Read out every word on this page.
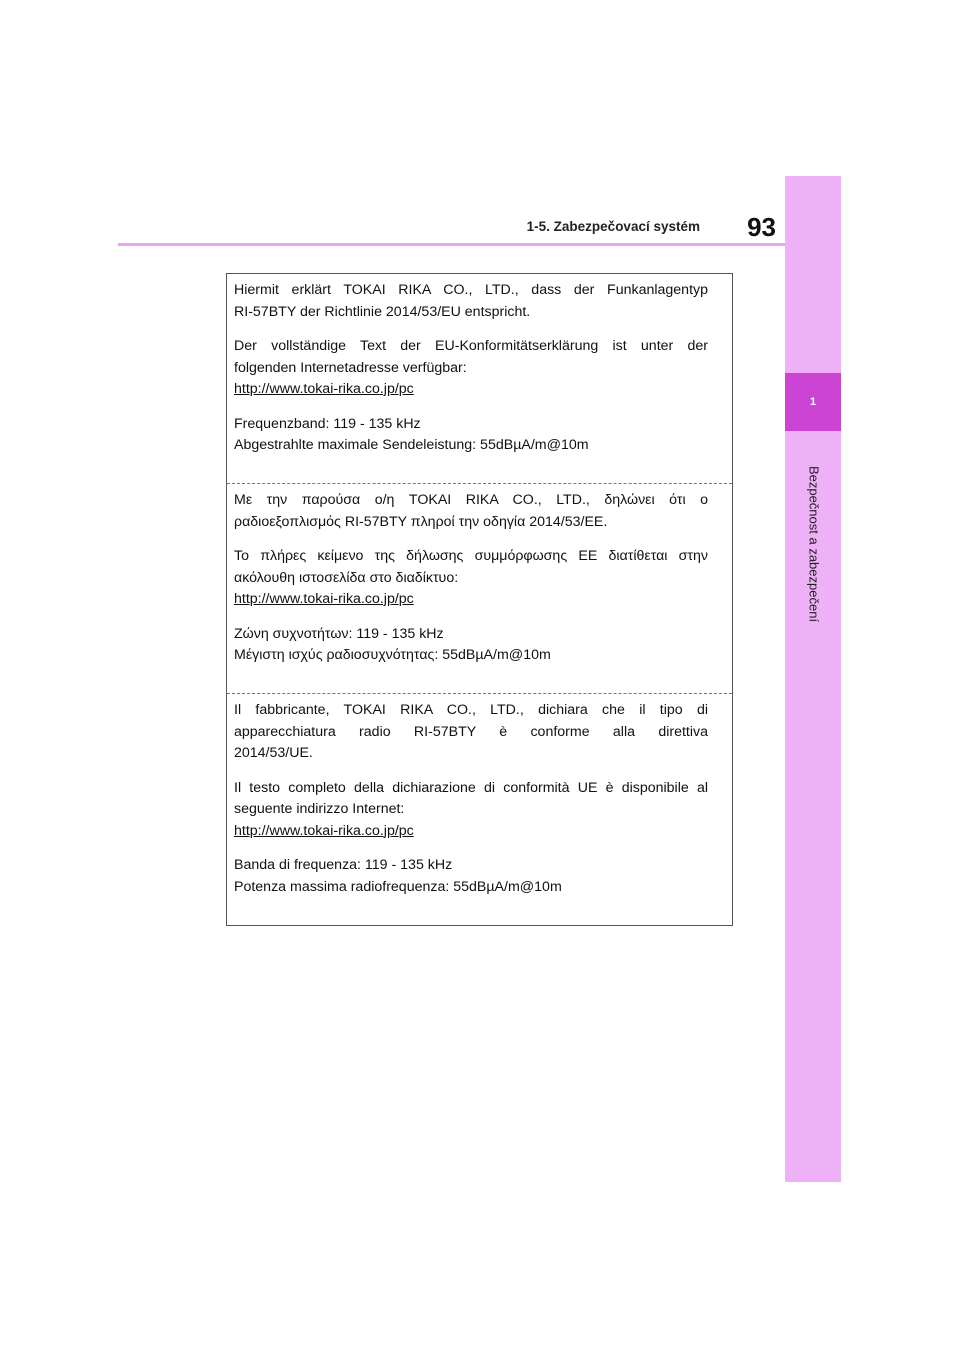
1-5. Zabezpečovací systém	93
1
Bezpečnost a zabezpečení

Hiermit erklärt TOKAI RIKA CO., LTD., dass der Funkanlagentyp
RI-57BTY der Richtlinie 2014/53/EU entspricht.

Der vollständige Text der EU-Konformitätserklärung ist unter der
folgenden Internetadresse verfügbar:
http://www.tokai-rika.co.jp/pc

Frequenzband: 119 - 135 kHz
Abgestrahlte maximale Sendeleistung: 55dBµA/m@10m

Με την παρούσα ο/η TOKAI RIKA CO., LTD., δηλώνει ότι ο
ραδιοεξοπλισμός RI-57BTY πληροί την οδηγία 2014/53/ΕΕ.

Το πλήρες κείμενο της δήλωσης συμμόρφωσης ΕΕ διατίθεται στην
ακόλουθη ιστοσελίδα στο διαδίκτυο:
http://www.tokai-rika.co.jp/pc

Ζώνη συχνοτήτων: 119 - 135 kHz
Μέγιστη ισχύς ραδιοσυχνότητας: 55dBµA/m@10m

Il fabbricante, TOKAI RIKA CO., LTD., dichiara che il tipo di
apparecchiatura radio RI-57BTY è conforme alla direttiva
2014/53/UE.

Il testo completo della dichiarazione di conformità UE è disponibile al
seguente indirizzo Internet:
http://www.tokai-rika.co.jp/pc

Banda di frequenza: 119 - 135 kHz
Potenza massima radiofrequenza: 55dBµA/m@10m
